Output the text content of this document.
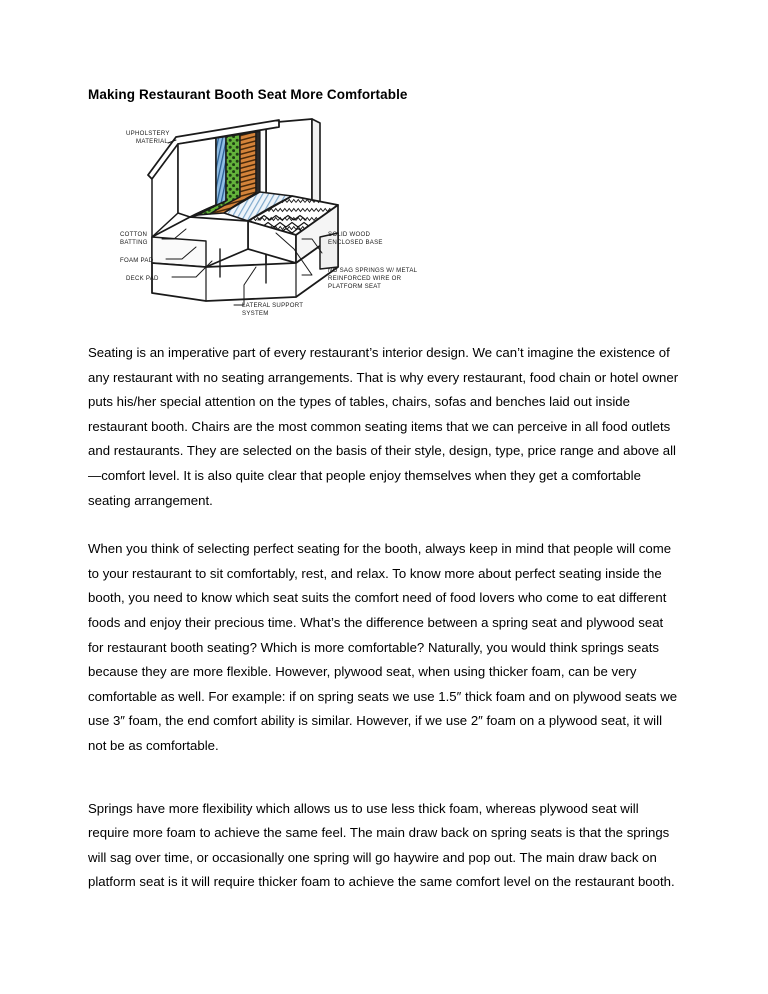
Making Restaurant Booth Seat More Comfortable
UPHOLSTERY
MATERIAL
COTTON
BATTING
FOAM PAD
DECK PAD
LATERAL SUPPORT
SYSTEM
SOLID WOOD
ENCLOSED BASE
NO SAG SPRINGS W/ METAL
REINFORCED WIRE OR
PLATFORM SEAT

Seating is an imperative part of every restaurant’s interior design. We can’t imagine the existence of any restaurant with no seating arrangements. That is why every restaurant, food chain or hotel owner puts his/her special attention on the types of tables, chairs, sofas and benches laid out inside restaurant booth. Chairs are the most common seating items that we can perceive in all food outlets and restaurants. They are selected on the basis of their style, design, type, price range and above all—comfort level. It is also quite clear that people enjoy themselves when they get a comfortable seating arrangement.

When you think of selecting perfect seating for the booth, always keep in mind that people will come to your restaurant to sit comfortably, rest, and relax. To know more about perfect seating inside the booth, you need to know which seat suits the comfort need of food lovers who come to eat different foods and enjoy their precious time. What’s the difference between a spring seat and plywood seat for restaurant booth seating? Which is more comfortable? Naturally, you would think springs seats because they are more flexible. However, plywood seat, when using thicker foam, can be very comfortable as well. For example: if on spring seats we use 1.5″ thick foam and on plywood seats we use 3″ foam, the end comfort ability is similar. However, if we use 2″ foam on a plywood seat, it will not be as comfortable.

Springs have more flexibility which allows us to use less thick foam, whereas plywood seat will require more foam to achieve the same feel. The main draw back on spring seats is that the springs will sag over time, or occasionally one spring will go haywire and pop out. The main draw back on platform seat is it will require thicker foam to achieve the same comfort level on the restaurant booth.
